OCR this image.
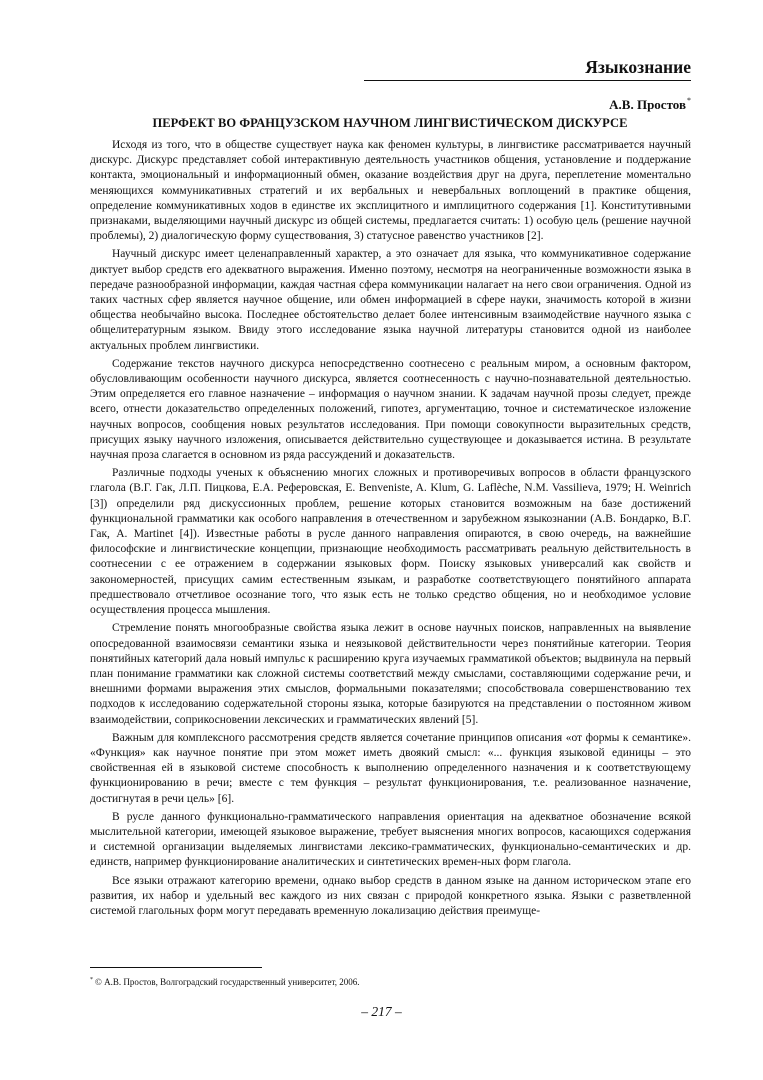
Языкознание
А.В. Простов*
ПЕРФЕКТ ВО ФРАНЦУЗСКОМ НАУЧНОМ ЛИНГВИСТИЧЕСКОМ ДИСКУРСЕ

Исходя из того, что в обществе существует наука как феномен культуры, в лингвистике рассматривается научный дискурс. Дискурс представляет собой интерактивную деятельность участников общения, установление и поддержание контакта, эмоциональный и информационный обмен, оказание воздействия друг на друга, переплетение моментально меняющихся коммуникативных стратегий и их вербальных и невербальных воплощений в практике общения, определение коммуникативных ходов в единстве их эксплицитного и имплицитного содержания [1]. Конститутивными признаками, выделяющими научный дискурс из общей системы, предлагается считать: 1) особую цель (решение научной проблемы), 2) диалогическую форму существования, 3) статусное равенство участников [2].

Научный дискурс имеет целенаправленный характер, а это означает для языка, что коммуникативное содержание диктует выбор средств его адекватного выражения. Именно поэтому, несмотря на неограниченные возможности языка в передаче разнообразной информации, каждая частная сфера коммуникации налагает на него свои ограничения. Одной из таких частных сфер является научное общение, или обмен информацией в сфере науки, значимость которой в жизни общества необычайно высока. Последнее обстоятельство делает более интенсивным взаимодействие научного языка с общелитературным языком. Ввиду этого исследование языка научной литературы становится одной из наиболее актуальных проблем лингвистики.

Содержание текстов научного дискурса непосредственно соотнесено с реальным миром, а основным фактором, обусловливающим особенности научного дискурса, является соотнесенность с научно-познавательной деятельностью. Этим определяется его главное назначение – информация о научном знании. К задачам научной прозы следует, прежде всего, отнести доказательство определенных положений, гипотез, аргументацию, точное и систематическое изложение научных вопросов, сообщения новых результатов исследования. При помощи совокупности выразительных средств, присущих языку научного изложения, описывается действительно существующее и доказывается истина. В результате научная проза слагается в основном из ряда рассуждений и доказательств.

Различные подходы ученых к объяснению многих сложных и противоречивых вопросов в области французского глагола (В.Г. Гак, Л.П. Пицкова, Е.А. Реферовская, E. Benveniste, A. Klum, G. Laflèche, N.M. Vassilieva, 1979; H. Weinrich [3]) определили ряд дискуссионных проблем, решение которых становится возможным на базе достижений функциональной грамматики как особого направления в отечественном и зарубежном языкознании (А.В. Бондарко, В.Г. Гак, A. Martinet [4]). Известные работы в русле данного направления опираются, в свою очередь, на важнейшие философские и лингвистические концепции, признающие необходимость рассматривать реальную действительность в соотнесении с ее отражением в содержании языковых форм. Поиску языковых универсалий как свойств и закономерностей, присущих самим естественным языкам, и разработке соответствующего понятийного аппарата предшествовало отчетливое осознание того, что язык есть не только средство общения, но и необходимое условие осуществления процесса мышления.

Стремление понять многообразные свойства языка лежит в основе научных поисков, направленных на выявление опосредованной взаимосвязи семантики языка и неязыковой действительности через понятийные категории. Теория понятийных категорий дала новый импульс к расширению круга изучаемых грамматикой объектов; выдвинула на первый план понимание грамматики как сложной системы соответствий между смыслами, составляющими содержание речи, и внешними формами выражения этих смыслов, формальными показателями; способствовала совершенствованию тех подходов к исследованию содержательной стороны языка, которые базируются на представлении о постоянном живом взаимодействии, соприкосновении лексических и грамматических явлений [5].

Важным для комплексного рассмотрения средств является сочетание принципов описания «от формы к семантике». «Функция» как научное понятие при этом может иметь двоякий смысл: «... функция языковой единицы – это свойственная ей в языковой системе способность к выполнению определенного назначения и к соответствующему функционированию в речи; вместе с тем функция – результат функционирования, т.е. реализованное назначение, достигнутая в речи цель» [6].

В русле данного функционально-грамматического направления ориентация на адекватное обозначение всякой мыслительной категории, имеющей языковое выражение, требует выяснения многих вопросов, касающихся содержания и системной организации выделяемых лингвистами лексико-грамматических, функционально-семантических и др. единств, например функционирование аналитических и синтетических времен-ных форм глагола.

Все языки отражают категорию времени, однако выбор средств в данном языке на данном историческом этапе его развития, их набор и удельный вес каждого из них связан с природой конкретного языка. Языки с разветвленной системой глагольных форм могут передавать временную локализацию действия преимуще-

* © А.В. Простов, Волгоградский государственный университет, 2006.
– 217 –
